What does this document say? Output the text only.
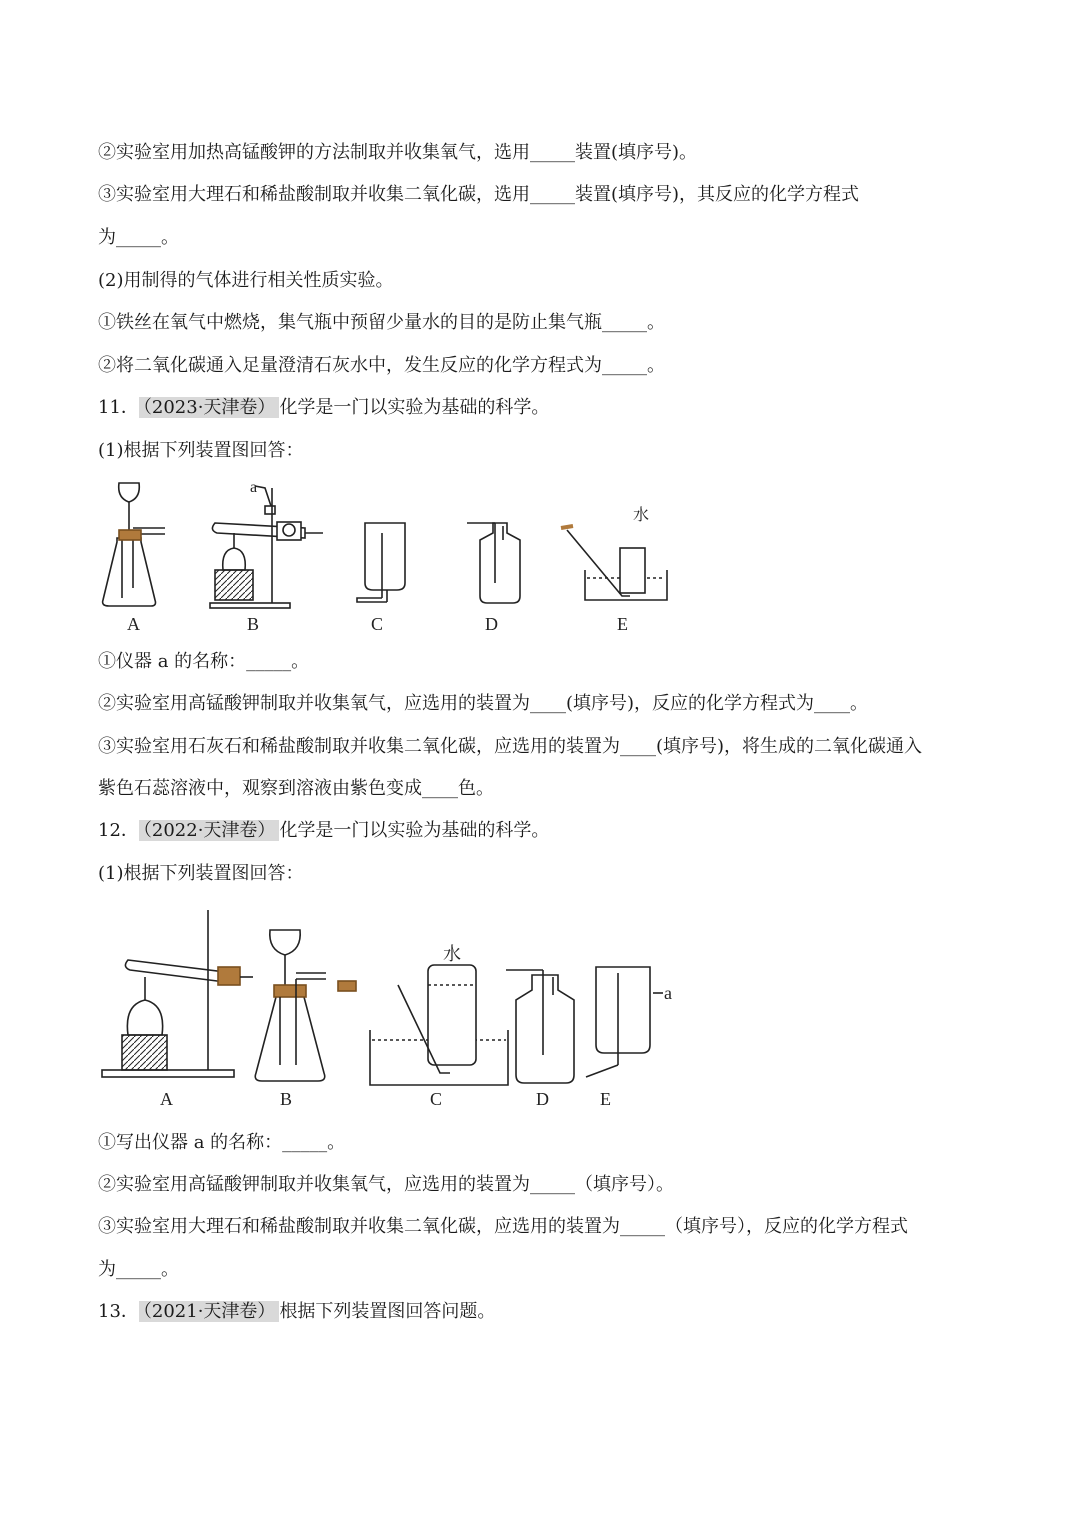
②实验室用加热高锰酸钾的方法制取并收集氧气，选用_____装置(填序号)。
③实验室用大理石和稀盐酸制取并收集二氧化碳，选用_____装置(填序号)，其反应的化学方程式
为_____。
(2)用制得的气体进行相关性质实验。
①铁丝在氧气中燃烧，集气瓶中预留少量水的目的是防止集气瓶_____。
②将二氧化碳通入足量澄清石灰水中，发生反应的化学方程式为_____。
11． （2023·天津卷） 化学是一门以实验为基础的科学。
(1)根据下列装置图回答：
a
水
A	B	C	D	E
①仪器 a 的名称：_____。
②实验室用高锰酸钾制取并收集氧气，应选用的装置为____(填序号)，反应的化学方程式为____。
③实验室用石灰石和稀盐酸制取并收集二氧化碳，应选用的装置为____(填序号)，将生成的二氧化碳通入
紫色石蕊溶液中，观察到溶液由紫色变成____色。
12． （2022·天津卷） 化学是一门以实验为基础的科学。
(1)根据下列装置图回答：
水
a
A	B	C	D	E
①写出仪器 a 的名称：_____。
②实验室用高锰酸钾制取并收集氧气，应选用的装置为_____（填序号）。
③实验室用大理石和稀盐酸制取并收集二氧化碳，应选用的装置为_____（填序号），反应的化学方程式
为_____。
13． （2021·天津卷） 根据下列装置图回答问题。
